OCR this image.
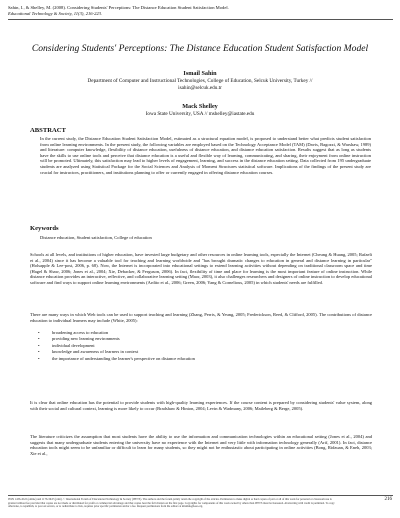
Sahin, I., & Shelley, M. (2008). Considering Students' Perceptions: The Distance Education Student Satisfaction Model.
Educational Technology & Society, 11(3), 216-223.
Considering Students' Perceptions: The Distance Education Student Satisfaction Model
Ismail Sahin
Department of Computer and Instructional Technologies, College of Education, Selcuk University, Turkey //
isahin@selcuk.edu.tr
Mack Shelley
Iowa State University, USA // mshelley@iastate.edu
ABSTRACT
In the current study, the Distance Education Student Satisfaction Model, estimated as a structural equation model, is proposed to understand better what predicts student satisfaction from online learning environments. In the present study, the following variables are employed based on the Technology Acceptance Model (TAM) (Davis, Bagozzi, & Warshaw, 1989) and literature: computer knowledge, flexibility of distance education, usefulness of distance education, and distance education satisfaction. Results suggest that as long as students have the skills to use online tools and perceive that distance education is a useful and flexible way of learning, communicating, and sharing, their enjoyment from online instruction will be promoted. Ultimately, this satisfaction may lead to higher levels of engagement, learning, and success in the distance education setting. Data collected from 195 undergraduate students are analyzed using Statistical Package for the Social Sciences and Analysis of Moment Structures statistical software. Implications of the findings of the present study are crucial for instructors, practitioners, and institutions planning to offer or currently engaged in offering distance education courses.
Keywords
Distance education, Student satisfaction, College of education

Schools at all levels, and institutions of higher education, have invested large budgetary and other resources in online learning tools, especially the Internet (Cheung & Huang, 2005; Rafaeli et al., 2004) since it has become a valuable tool for teaching and learning worldwide and "has brought dramatic changes to education in general and distance learning in particular" (Holsapple & Lee-post, 2006, p. 68). Now, the Internet is incorporated into educational settings to extend learning activities without depending on traditional classroom space and time (Hagel & Shaw, 2006; Jones et al., 2004; Xie, Debacker, & Ferguson, 2006). In fact, flexibility of time and place for learning is the most important feature of online instruction. While distance education provides an interactive, reflective, and collaborative learning setting (Maor, 2003), it also challenges researchers and designers of online instruction to develop educational software and find ways to support online learning environments (Ardito et al., 2006; Green, 2006; Yang & Cornelious, 2005) in which students' needs are fulfilled.

There are many ways in which Web tools can be used to support teaching and learning (Zhang, Perris, & Yeung, 2005; Frederickson, Reed, & Clifford, 2005). The contributions of distance education to individual learners may include (White, 2005):

•	broadening access to education
•	providing new learning environments
•	individual development
•	knowledge and awareness of learners in context
•	the importance of understanding the learner's perspective on distance education

It is clear that online education has the potential to provide students with high-quality learning experiences. If the course content is prepared by considering students' value system, along with their social and cultural context, learning is more likely to occur (Bradshaw & Hinton, 2004; Levin & Wadmany, 2006; Maileberg & Berge, 2005).

The literature criticizes the assumption that most students have the ability to use the information and communication technologies within an educational setting (Jones et al., 2004) and suggests that many undergraduate students entering the university have no experience with the Internet and very little with information technology generally (Arif, 2001). In fact, distance education tools might seem to be unfamiliar or difficult to learn for many students, so they might not be enthusiastic about participating in online activities (Bong, Ridzuan, & Eneh, 2003; Xie et al.,

ISSN 1436-4522 (online) and 1176-3647 (print). © International Forum of Educational Technology & Society (IFETS). The authors and the forum jointly retain the copyright of the articles. Permission to make digital or hard copies of part or all of this work for personal or classroom use is granted without fee provided that copies are not made or distributed for profit or commercial advantage and that copies bear the full citation on the first page. Copyrights for components of this work owned by others than IFETS must be honoured. Abstracting with credit is permitted. To copy otherwise, to republish, to post on servers, or to redistribute to lists, requires prior specific permission and/or a fee. Request permissions from the editors at kinshuk@ieee.org.
216
